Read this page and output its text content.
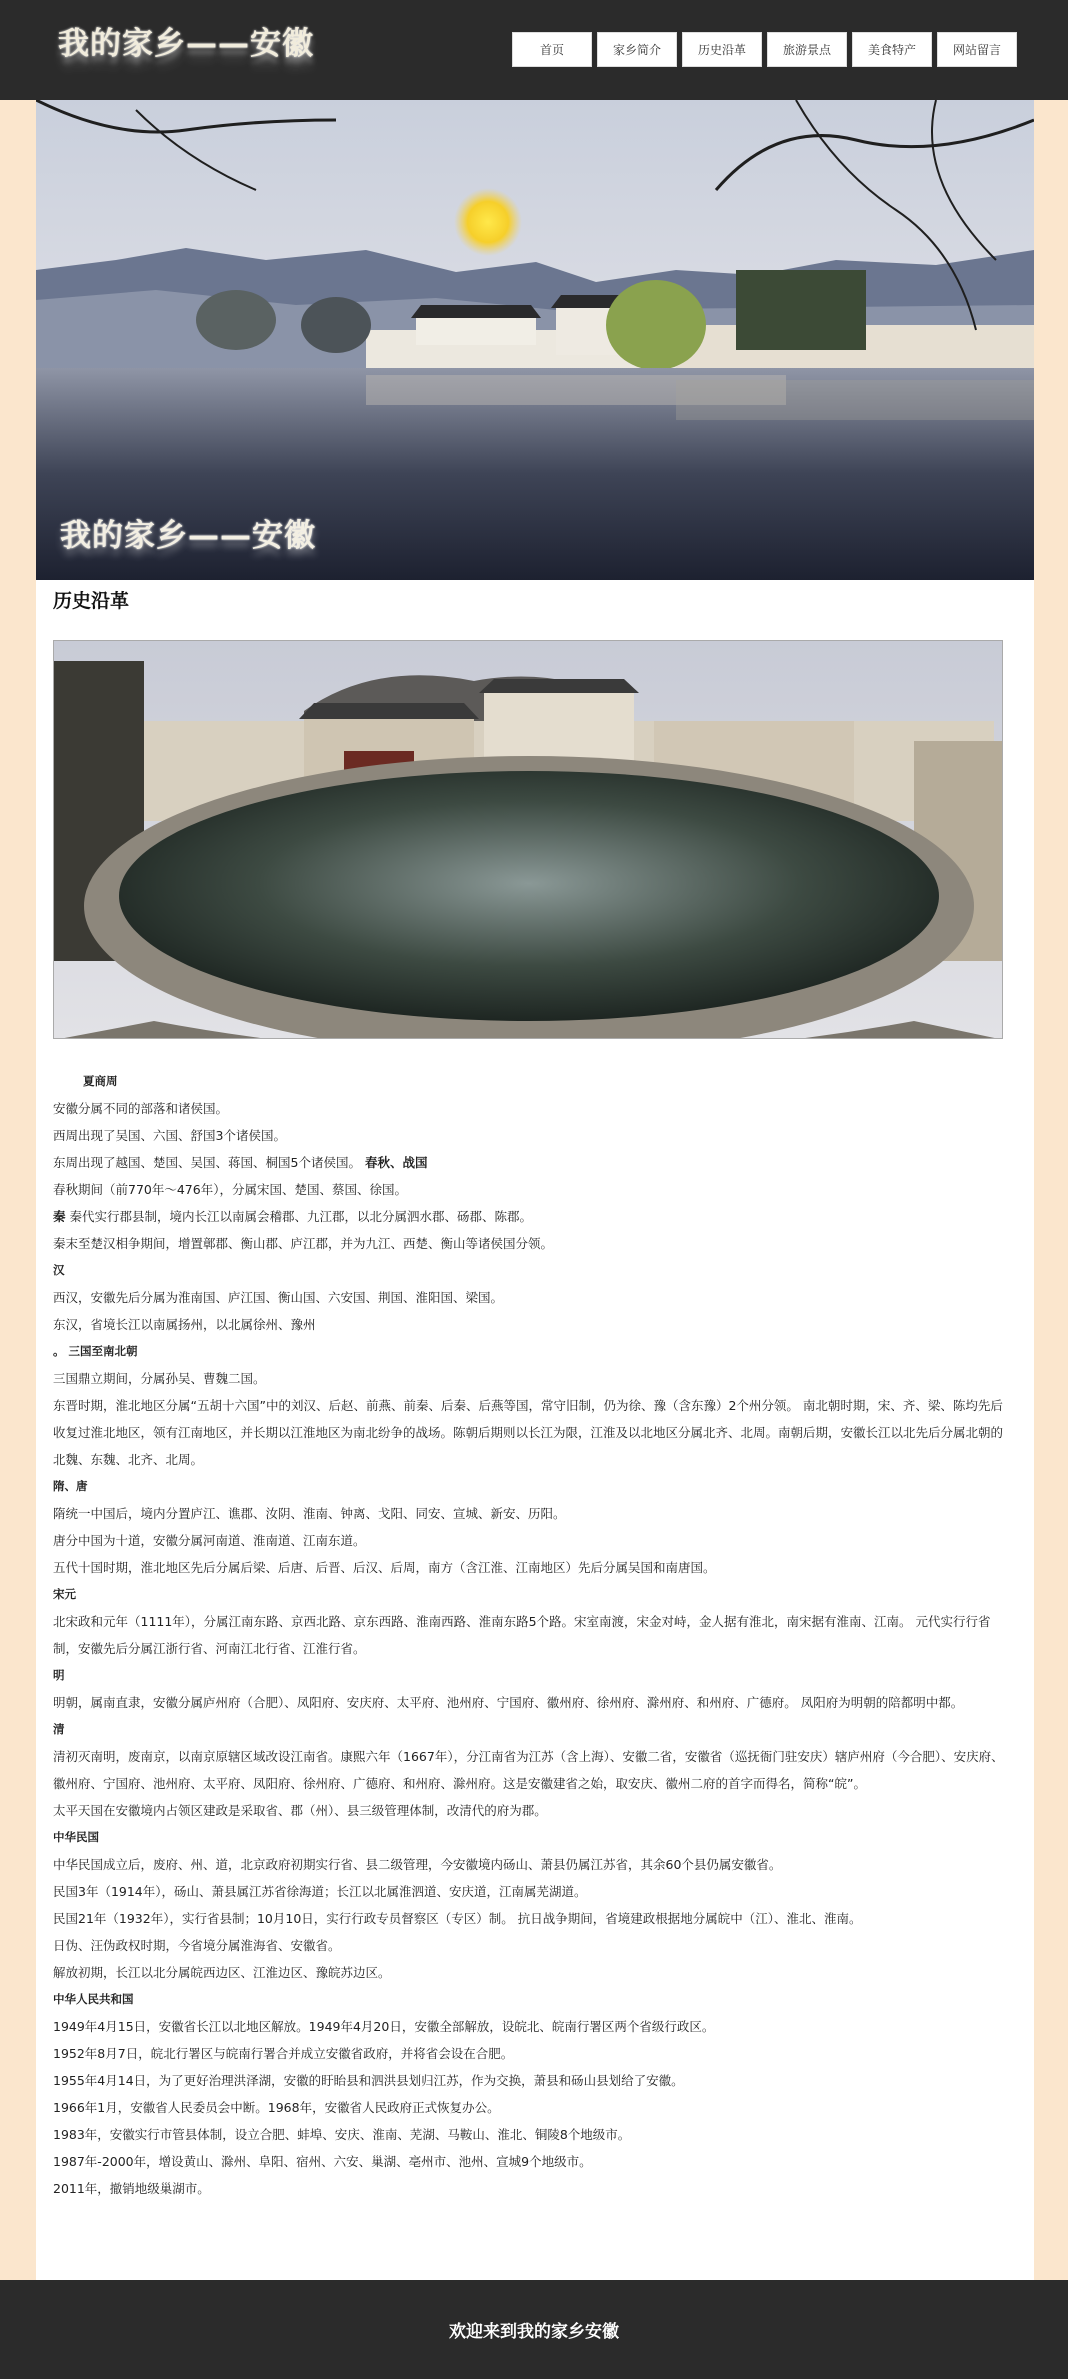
我的家乡——安徽	首页	家乡简介	历史沿革	旅游景点	美食特产	网站留言
我的家乡——安徽
历史沿革

夏商周

安徽分属不同的部落和诸侯国。

西周出现了吴国、六国、舒国3个诸侯国。

东周出现了越国、楚国、吴国、蒋国、桐国5个诸侯国。 春秋、战国

春秋期间（前770年～476年），分属宋国、楚国、蔡国、徐国。

秦 秦代实行郡县制，境内长江以南属会稽郡、九江郡，以北分属泗水郡、砀郡、陈郡。

秦末至楚汉相争期间，增置鄣郡、衡山郡、庐江郡，并为九江、西楚、衡山等诸侯国分领。

汉

西汉，安徽先后分属为淮南国、庐江国、衡山国、六安国、荆国、淮阳国、梁国。

东汉，省境长江以南属扬州，以北属徐州、豫州

。 三国至南北朝

三国鼎立期间，分属孙吴、曹魏二国。

东晋时期，淮北地区分属“五胡十六国”中的刘汉、后赵、前燕、前秦、后秦、后燕等国，常守旧制，仍为徐、豫（含东豫）2个州分领。 南北朝时期，宋、齐、梁、陈均先后收复过淮北地区，领有江南地区，并长期以江淮地区为南北纷争的战场。陈朝后期则以长江为限，江淮及以北地区分属北齐、北周。南朝后期，安徽长江以北先后分属北朝的北魏、东魏、北齐、北周。

隋、唐

隋统一中国后，境内分置庐江、谯郡、汝阴、淮南、钟离、戈阳、同安、宣城、新安、历阳。

唐分中国为十道，安徽分属河南道、淮南道、江南东道。

五代十国时期，淮北地区先后分属后梁、后唐、后晋、后汉、后周，南方（含江淮、江南地区）先后分属吴国和南唐国。

宋元

北宋政和元年（1111年），分属江南东路、京西北路、京东西路、淮南西路、淮南东路5个路。宋室南渡，宋金对峙，金人据有淮北，南宋据有淮南、江南。 元代实行行省制，安徽先后分属江浙行省、河南江北行省、江淮行省。

明

明朝，属南直隶，安徽分属庐州府（合肥）、凤阳府、安庆府、太平府、池州府、宁国府、徽州府、徐州府、滁州府、和州府、广德府。 凤阳府为明朝的陪都明中都。

清

清初灭南明，废南京，以南京原辖区域改设江南省。康熙六年（1667年），分江南省为江苏（含上海）、安徽二省，安徽省（巡抚衙门驻安庆）辖庐州府（今合肥）、安庆府、徽州府、宁国府、池州府、太平府、凤阳府、徐州府、广德府、和州府、滁州府。这是安徽建省之始，取安庆、徽州二府的首字而得名，简称“皖”。

太平天国在安徽境内占领区建政是采取省、郡（州）、县三级管理体制，改清代的府为郡。

中华民国

中华民国成立后，废府、州、道，北京政府初期实行省、县二级管理，今安徽境内砀山、萧县仍属江苏省，其余60个县仍属安徽省。

民国3年（1914年），砀山、萧县属江苏省徐海道；长江以北属淮泗道、安庆道，江南属芜湖道。

民国21年（1932年），实行省县制；10月10日，实行行政专员督察区（专区）制。 抗日战争期间，省境建政根据地分属皖中（江）、淮北、淮南。

日伪、汪伪政权时期，今省境分属淮海省、安徽省。

解放初期，长江以北分属皖西边区、江淮边区、豫皖苏边区。

中华人民共和国

1949年4月15日，安徽省长江以北地区解放。1949年4月20日，安徽全部解放，设皖北、皖南行署区两个省级行政区。

1952年8月7日，皖北行署区与皖南行署合并成立安徽省政府，并将省会设在合肥。

1955年4月14日，为了更好治理洪泽湖，安徽的盱眙县和泗洪县划归江苏，作为交换，萧县和砀山县划给了安徽。

1966年1月，安徽省人民委员会中断。1968年，安徽省人民政府正式恢复办公。

1983年，安徽实行市管县体制，设立合肥、蚌埠、安庆、淮南、芜湖、马鞍山、淮北、铜陵8个地级市。

1987年-2000年，增设黄山、滁州、阜阳、宿州、六安、巢湖、亳州市、池州、宣城9个地级市。

2011年，撤销地级巢湖市。

欢迎来到我的家乡安徽
